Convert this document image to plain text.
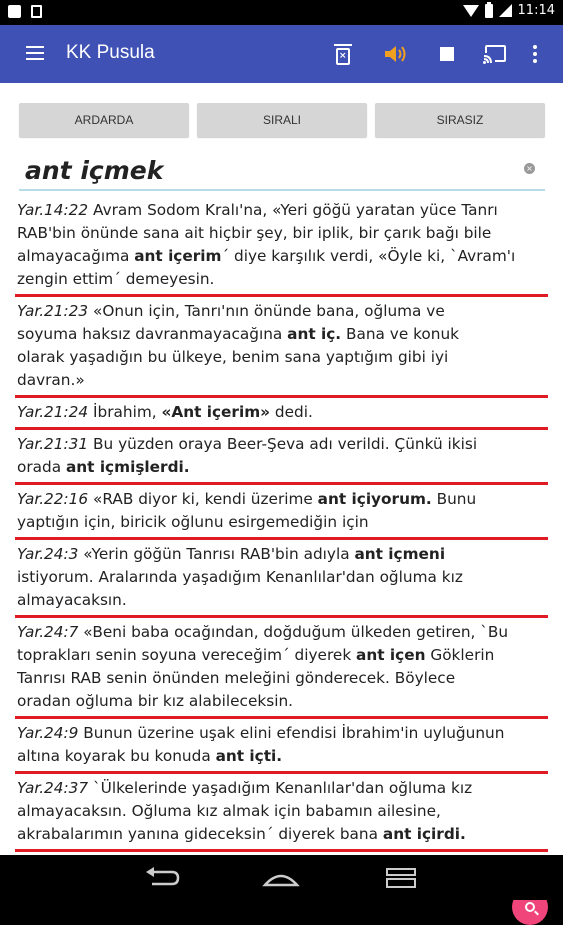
11:14
KK Pusula	×
ARDARDA	SIRALI	SIRASIZ
ant içmek
×
Yar.14:22 Avram Sodom Kralı'na, «Yeri göğü yaratan yüce Tanrı
RAB'bin önünde sana ait hiçbir şey, bir iplik, bir çarık bağı bile
almayacağıma ant içerim´ diye karşılık verdi, «Öyle ki, `Avram'ı
zengin ettim´ demeyesin.
Yar.21:23 «Onun için, Tanrı'nın önünde bana, oğluma ve
soyuma haksız davranmayacağına ant iç. Bana ve konuk
olarak yaşadığın bu ülkeye, benim sana yaptığım gibi iyi
davran.»
Yar.21:24 İbrahim, «Ant içerim» dedi.
Yar.21:31 Bu yüzden oraya Beer-Şeva adı verildi. Çünkü ikisi
orada ant içmişlerdi.
Yar.22:16 «RAB diyor ki, kendi üzerime ant içiyorum. Bunu
yaptığın için, biricik oğlunu esirgemediğin için
Yar.24:3 «Yerin göğün Tanrısı RAB'bin adıyla ant içmeni
istiyorum. Aralarında yaşadığım Kenanlılar'dan oğluma kız
almayacaksın.
Yar.24:7 «Beni baba ocağından, doğduğum ülkeden getiren, `Bu
toprakları senin soyuna vereceğim´ diyerek ant içen Göklerin
Tanrısı RAB senin önünden meleğini gönderecek. Böylece
oradan oğluma bir kız alabileceksin.
Yar.24:9 Bunun üzerine uşak elini efendisi İbrahim'in uyluğunun
altına koyarak bu konuda ant içti.
Yar.24:37 `Ülkelerinde yaşadığım Kenanlılar'dan oğluma kız
almayacaksın. Oğluma kız almak için babamın ailesine,
akrabalarımın yanına gideceksin´ diyerek bana ant içirdi.
